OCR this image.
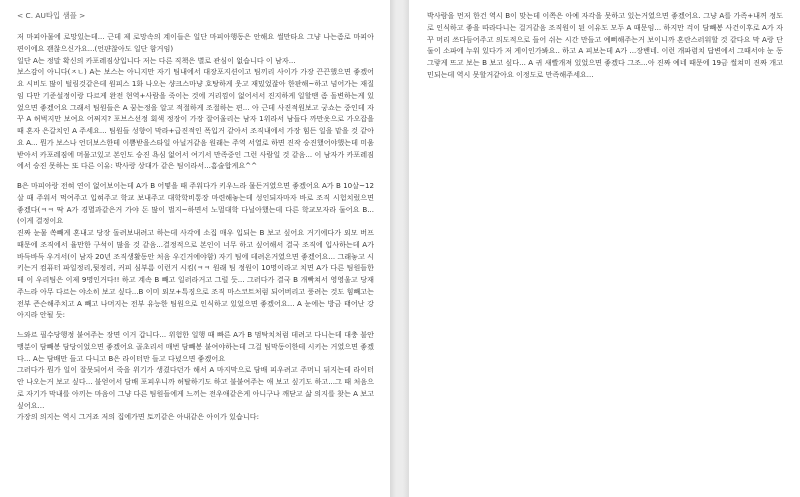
< C. AU타입 샘플 >

저 마피아물에 로망있는데... 근데 제 로망속의 계이들은 일단 마피아행동은 안해요 썰만타요 그냥 나는좀로 마피아편이에요 괜찮으신가요...(언퍈찮아도 일단 함거임)
일단 A는 정말 확신의 카포레짐상입니다 저는 다른 직책은 별로 관심이 없습니다 이 남자...
보스감이 아니다(ㅈㄴ) A는 보스는 아니지만 자기 팀내에서 대장포지션이고 팀끼리 사이가 가장 끈끈했으면 좋겠어요 시비도 많이 털림것같은데 원피스 1화 나오는 샹크스마냥 호탕하게 웃고 재밌었잖아 한판해~하고 넘어가는 재질임 다만 기준설정이랑 다르게 완전 현역+사람을 죽이는 것에 거리낌이 없어서서 진지하게 일할땐 좀 돌변하는게 있었으면 좋겠어요 그래서 팀원들은 A 꿈는정을 알고 적절하게 조절하는 편... 아 근데 사진적원보고 궁쇼는 중인데 자꾸 A 허벅지만 보여요 어쩌지? 포브스선정 회색 정장이 가장 잘어울리는 남자 1위라서 남들다 까만옷으로 가오잡을 때 혼자 은갈치인 A 주세요... 팀원들 성향이 막라+급진적인 폭입거 같아서 조직내에서 가장 힘든 일을 맡을 것 같아요 A... 뭔가 보스나 언더보스한테 이쁨받을스타일 아닐거같음 원래는 주역 서열로 하면 진작 승진했어야했는데 미움받아서 카포레짐에 머물고있고 본인도 승진 욕심 없어서 여기서 만족중인 그런 사람일 것 같음... 이 남자가 카포레짐에서 승진 못하는 또 다른 이유: 박사랑 상대가 같은 팀이라서...흠술합게요^^

B은 마피아랑 전혀 연이 없어보이는데 A가 B 어떻을 때 주워다가 키우느라 물든거였으면 좋겠어요 A가 B 10살~12살 때 주워서 먹여주고 입혀주고 학교 보내주고 대학학비통장 마련해놓는데 성인되자마자 바로 조직 시험치렀으면 좋겠다(ㅋㅋ 딱 A가 경멸과같은거 가야 돈 많이 벌지~하면서 노멀대학 다닐아했는데 다른 학교모자라 둘어요 B...(이게 결정이요
진짜 눈물 쏙빼게 혼내고 당장 돌려보내려고 하는데 사각에 소집 매우 입되는 B 보고 싶어요 거기에다가 외모 버프 때문에 조직에서 율만한 구석이 많을 것 같음...결정적으로 본인이 너무 하고 싶어해서 결국 조직에 입사하는데 A가 바득바득 우겨서(이 남자 20년 조직생활동안 처음 우긴거에야함) 자기 팀에 데려온거였으면 좋겠어요... 그래놓고 시키는거 컴퓨터 파일정리,뒷정리, 커피 심부름 이런거 시킴(ㅋㅋ 원래 팀 정원이 10명이라고 치면 A가 다른 팀원들한테 이 우리팀은 이제 9명인거다!! 하고 계속 B 빼고 일러라거고 그럴 듯... 그러다가 결국 B 개빡쳐서 영영울고 당재주느라 아무 다르는 야소히 보고 싶다...B 이미 외모+특징으로 조직 마스코트처럼 되어버리고 풍려는 것도 힘빼고는 전부 즌슨해주치고 A 빼고 나머지는 전부 유능한 팀원으로 인식하고 있었으면 좋겠어요... A 눈에는 방금 태어난 강아지라 안될 듯:

느와르 필수당행정 붙여주는 장면 이거 갑니다... 위험한 일행 때 빠른 A가 B 멈탁치처럼 데려고 다니는데 대충 불안 맹분이 담빼봉 담당이었으면 좋겠어요 골초리서 매번 담빼봉 붙여야하는데 그걸 팀막동이한테 시키는 거였으면 좋겠다... A는 담배만 들고 다니고 B은 라이터만 들고 다녔으면 좋겠어요
그러다가 뭔가 일이 잘못되어서 죽을 위기가 생겼다던가 해서 A 마지막으로 담배 피우려고 주머니 뒤지는데 라이터 안 나오는거 보고 싶다... 불얻어서 담배 포피우니까 허탈하기도 하고 불붙여주는 애 보고 싶기도 하고...그 때 처음으로 자기가 막내를 아끼는 마음이 그냥 다른 팀원들에게 느끼는 전우애같은게 아니구나 깨닫고 삶 의지를 찾는 A 보고 싶어요...
가장의 의지는 역시 그거죠 저의 집에가면 토끼같은 아내같은 아이가 있습니다:

박사람을 먼저 한건 역시 B이 맞는데 이쪽은 아예 자각을 못하고 있는거였으면 좋겠어요. 그냥 A를 가족+내꺼 정도로 인식하고 좋을 따라다니는 걸거같음 조직원이 된 이유도 모두 A 때문임... 하지만 걱이 담빼봉 사건이후로 A가 자꾸 머리 쓰다듬어주고 의도적으로 들어 쉬는 시간 만들고 예뻐해주는거 보이니까 혼란스러워할 것 같다요 막 A랑 단둘이 소파에 누워 있다가 저 게이인가봐요.. 하고 A 피보는데 A가 ...장밴네. 이런 개파렴치 답변에서 그때서야 눈 동그랗게 뜨고 보는 B 보고 싶다... A 귀 새빨개져 있었으면 좋겠다 그조...아 진짜 예네 때문에 19금 썰쳐미 진짜 개고민되는데 역시 못할거같아요 이정도로 만족해주세요...
